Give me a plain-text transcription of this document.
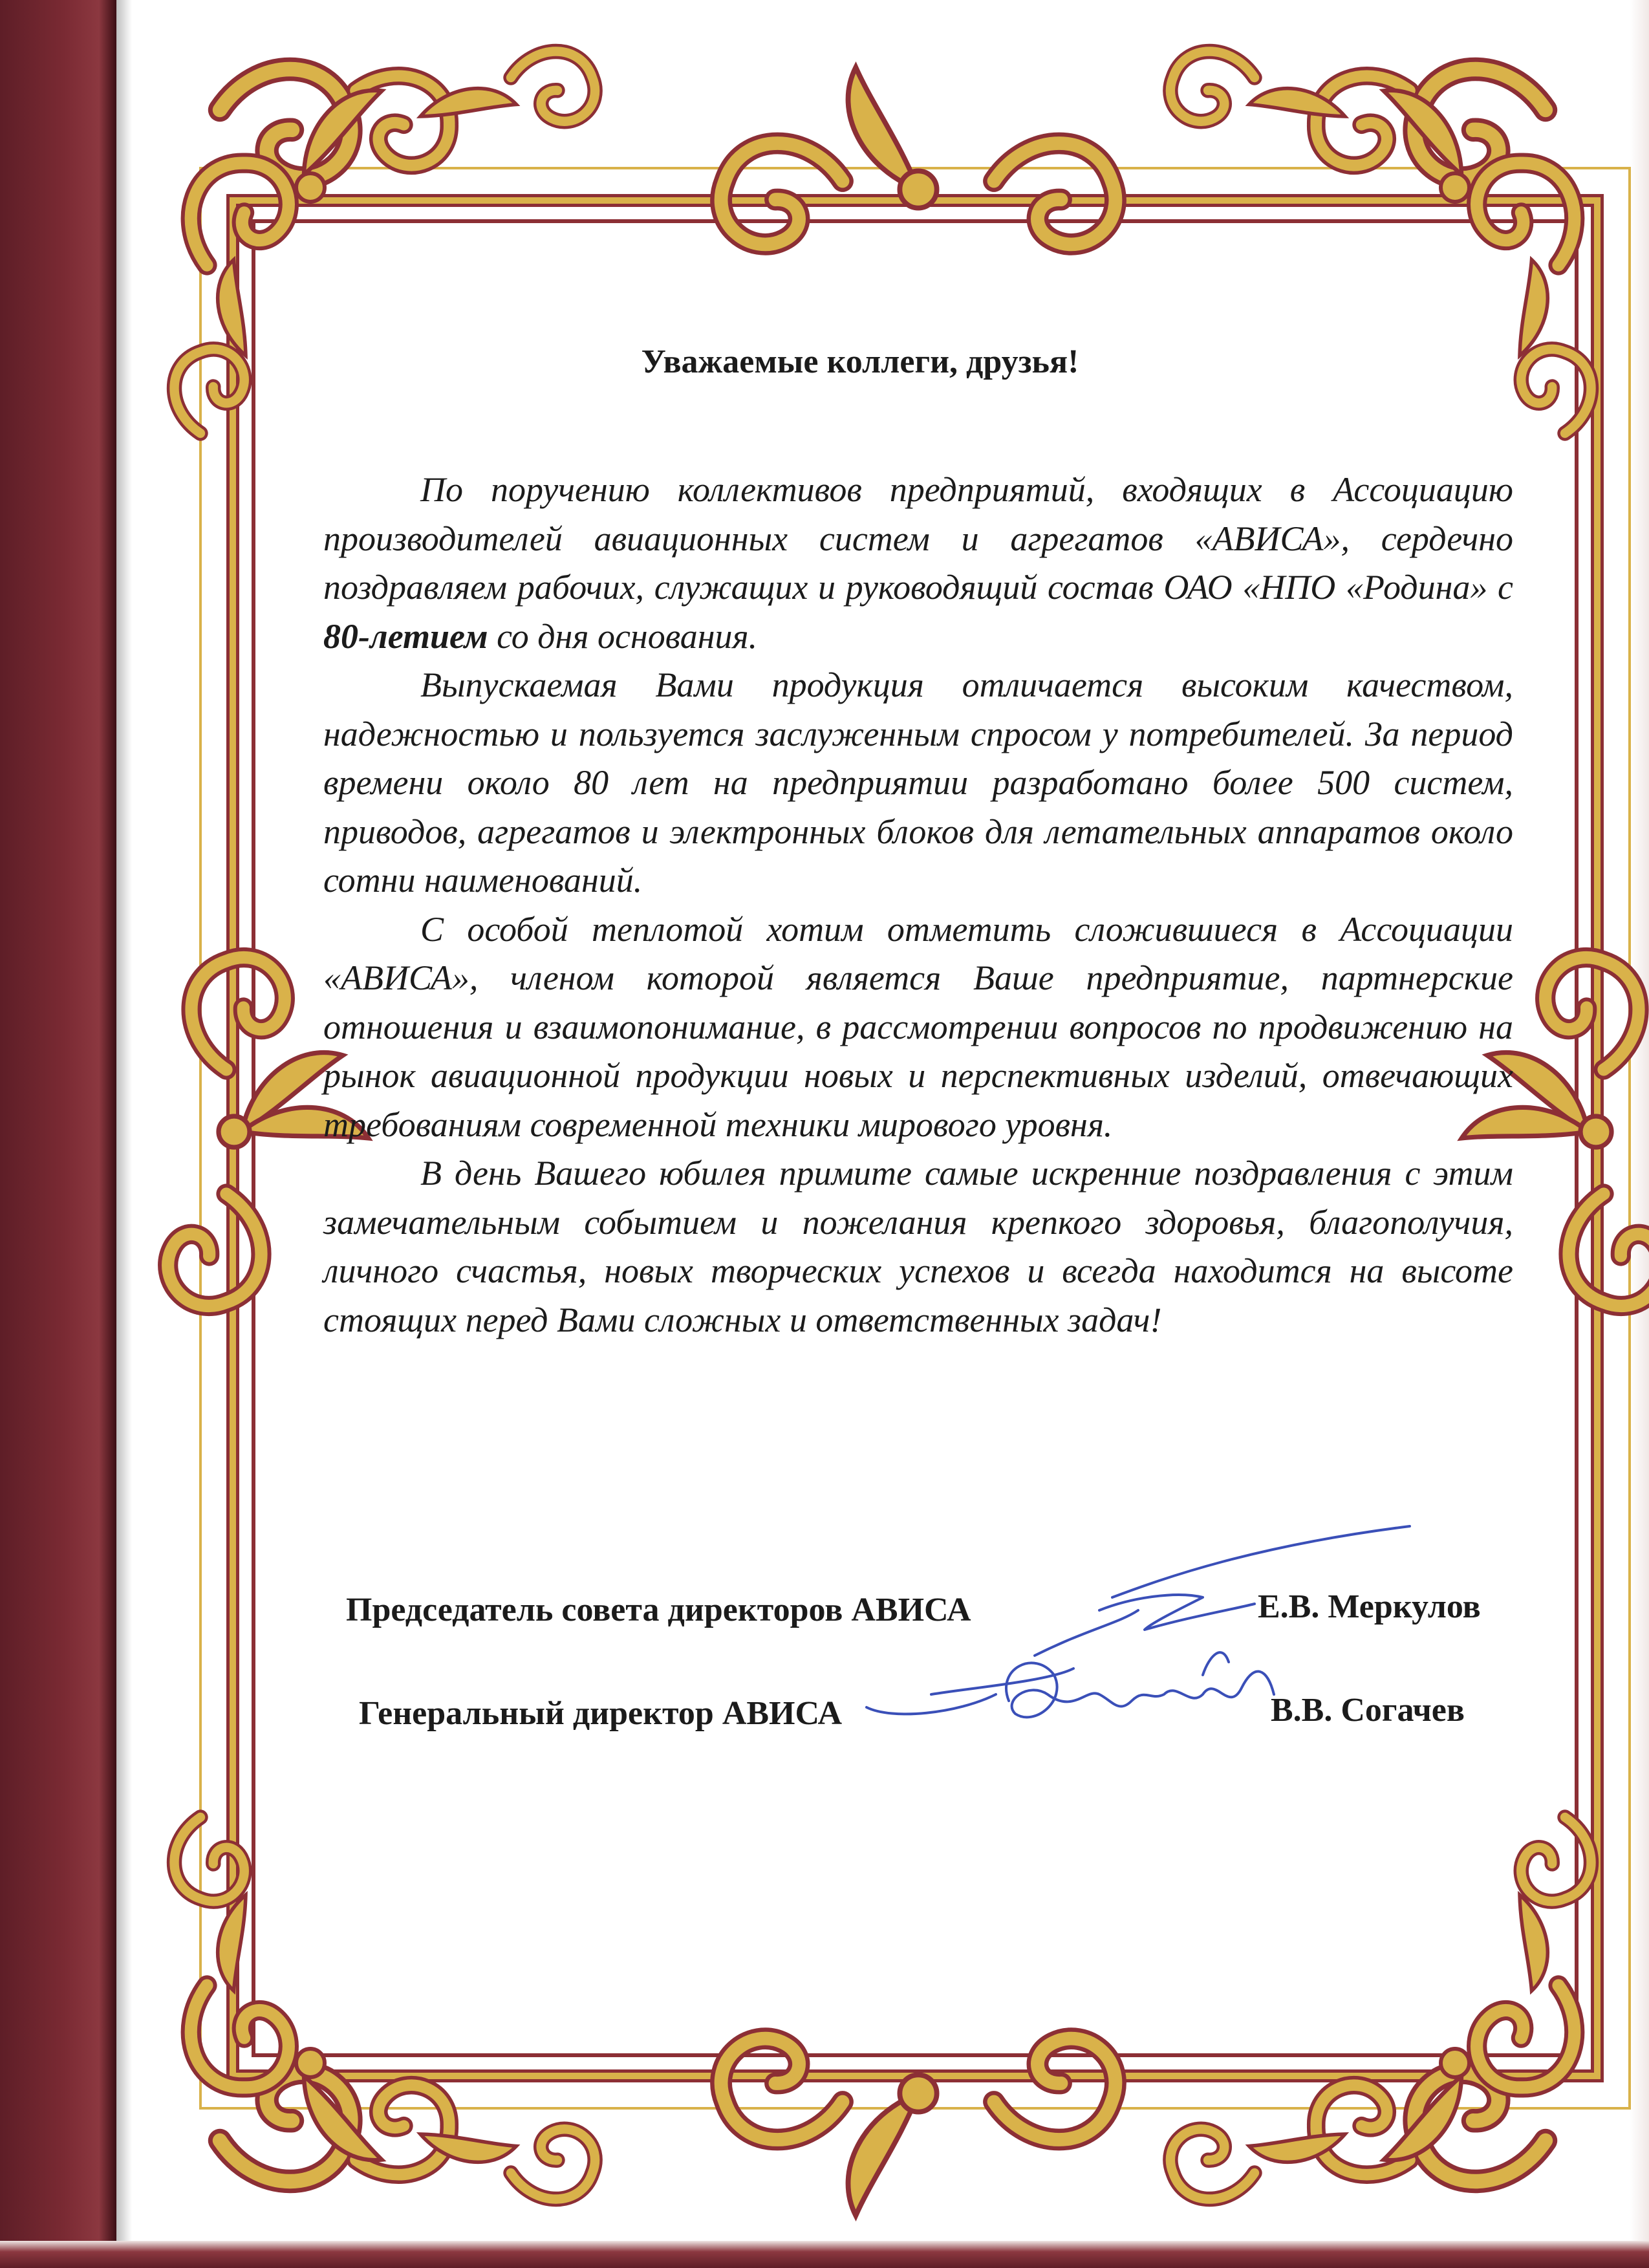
Уважаемые коллеги, друзья!

По поручению коллективов предприятий, входящих в Ассоциацию производителей авиационных систем и агрегатов «АВИСА», сердечно поздравляем рабочих, служащих и руководящий состав ОАО «НПО «Родина» с 80-летием со дня основания.

Выпускаемая Вами продукция отличается высоким качеством, надежностью и пользуется заслуженным спросом у потребителей. За период времени около 80 лет на предприятии разработано более 500 систем, приводов, агрегатов и электронных блоков для летательных аппаратов около сотни наименований.

С особой теплотой хотим отметить сложившиеся в Ассоциации «АВИСА», членом которой является Ваше предприятие, партнерские отношения и взаимопонимание, в рассмотрении вопросов по продвижению на рынок авиационной продукции новых и перспективных изделий, отвечающих требованиям современной техники мирового уровня.

В день Вашего юбилея примите самые искренние поздравления с этим замечательным событием и пожелания крепкого здоровья, благополучия, личного счастья, новых творческих успехов и всегда находится на высоте стоящих перед Вами сложных и ответственных задач!

Председатель совета директоров АВИСА	Е.В. Меркулов
Генеральный директор АВИСА	В.В. Согачев
